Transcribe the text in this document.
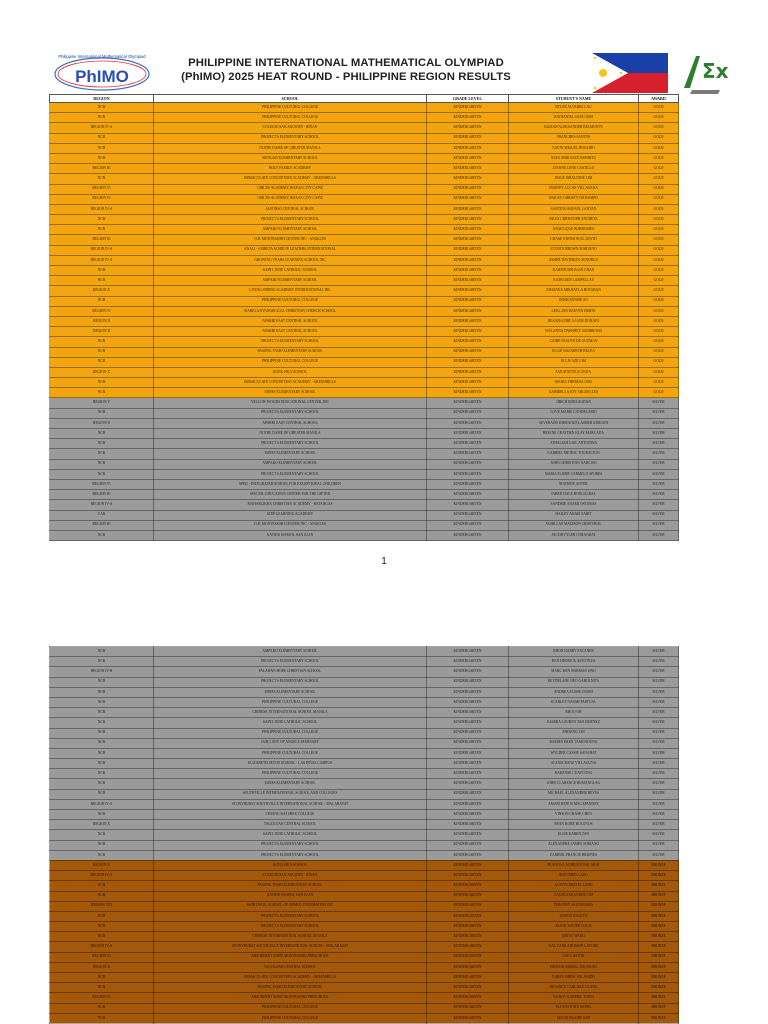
Philippine International Mathematical Olympiad
PhIMO
PHILIPPINE INTERNATIONAL MATHEMATICAL OLYMPIAD
(PhIMO) 2025 HEAT ROUND - PHILIPPINE REGION RESULTS	Σx
REGION	SCHOOL	GRADE LEVEL	STUDENT'S NAME	AWARD
NCR	PHILIPPINE CULTURAL COLLEGE	KINDERGARTEN	RYLEE ALVAREZ LAU	GOLD
NCR	PHILIPPINE CULTURAL COLLEGE	KINDERGARTEN	NATHANIEL SUZE CHUI	GOLD
REGION IV-A	COLEGIO SAN AGUSTIN - BIÑAN	KINDERGARTEN	KEZIAH ALEKSANDER BELMONTE	GOLD
NCR	PROJECT 6 ELEMENTARY SCHOOL	KINDERGARTEN	FRANCHES SANTOS	GOLD
NCR	NOTRE DAME OF GREATER MANILA	KINDERGARTEN	XAVIN MIGUEL ROSARIO	GOLD
NCR	BUNGAD ELEMENTARY SCHOOL	KINDERGARTEN	XIAN ADRIANCE ESPIRITU	GOLD
REGION III	HOLY FAMILY ACADEMY	KINDERGARTEN	ZIANNE LENE CASTILLO	GOLD
NCR	IMMACULATE CONCEPTION ACADEMY - GREENHILLS	KINDERGARTEN	PAIGE ISBALDINE LIM	GOLD
REGION VI	CHILDS ACADEMY, ROXAS CITY CAPIZ	KINDERGARTEN	HARVEY LUCAS VILLASANA	GOLD
REGION VI	CHILDS ACADEMY, ROXAS CITY CAPIZ	KINDERGARTEN	HAILEY CHRISTY DIOSAMPO	GOLD
REGION IV-A	ALFONSO CENTRAL SCHOOL	KINDERGARTEN	SANTINO RAFAEL LANTAN	GOLD
NCR	PROJECT 6 ELEMENTARY SCHOOL	KINDERGARTEN	NILES CHRISTOPH ANCHETA	GOLD
NCR	AMPARO ELEMENTARY SCHOOL	KINDERGARTEN	ANGELIQUE BORROMEO	GOLD
REGION III	O.B. MONTESSORI CENTER INC - ANGELES	KINDERGARTEN	CHASE JOHNSON EL DAVID	GOLD
REGION IV-A	ANALI - AMBETA ACHIEVE LEADERS INTERNATIONAL	KINDERGARTEN	STEVEN BROWN MARIANO	GOLD
REGION IV-A	GROWING YEARS LEARNING SCHOOL INC	KINDERGARTEN	ASHER DAVIDSON GENORGA	GOLD
NCR	SAINT JUDE CATHOLIC SCHOOL	KINDERGARTEN	KAIDEN ISH JUAN CHAN	GOLD
NCR	AMPARO ELEMENTARY SCHOOL	KINDERGARTEN	KATELEEN LAMPELLAS	GOLD
REGION X	LIVING SPRING ACADEMY INTERNATIONAL INC	KINDERGARTEN	JOHANNA MIKHAYLA BOTABAN	GOLD
NCR	PHILIPPINE CULTURAL COLLEGE	KINDERGARTEN	IRISH EUNISE SO	GOLD
REGION VI	ISABELA EVANGELICAL CHRISTIAN CHURCH SCHOOL	KINDERGARTEN	LEILLIAN RAEVEN BERTA	GOLD
REGION II	APARRI EAST CENTRAL SCHOOL	KINDERGARTEN	REANNA ERICA JADE DONATO	GOLD
REGION II	APARRI EAST CENTRAL SCHOOL	KINDERGARTEN	VIELANNA DAPHNEY SAMBRANO	GOLD
NCR	PROJECT 6 ELEMENTARY SCHOOL	KINDERGARTEN	CAIRE PAULYN DE GUZMAN	GOLD
NCR	PASONG TAMO ELEMENTARY SCHOOL	KINDERGARTEN	ELLIE NAZARETH RELEA	GOLD
NCR	PHILIPPINE CULTURAL COLLEGE	KINDERGARTEN	ELLIS AZE LIM	GOLD
REGION X	KONG HUA SCHOOL	KINDERGARTEN	IAN MATTEUS CHUA	GOLD
NCR	IMMACULATE CONCEPTION ACADEMY - GREENHILLS	KINDERGARTEN	MARIA THERESA ONG	GOLD
NCR	MINES ELEMENTARY SCHOOL	KINDERGARTEN	GABRIELLA JOY ARGUELLES	GOLD
REGION V	YELLOW WOODS EDUCATIONAL CENTER, INC	KINDERGARTEN	JIRICH BORLAGDAN	SILVER
NCR	PROJECT 6 ELEMENTARY SCHOOL	KINDERGARTEN	LOVE MARIE CANDELARIO	SILVER
REGION II	APARRI EAST CENTRAL SCHOOL	KINDERGARTEN	SEVERAÑO EMMANUEL ASHER ADRIANI	SILVER
NCR	NOTRE DAME OF GREATER MANILA	KINDERGARTEN	BRIANE CRAYDEN KLAY MARCADA	SILVER
NCR	PROJECT 6 ELEMENTARY SCHOOL	KINDERGARTEN	ATHALIAH GAIL ANTONINA	SILVER
NCR	MINES ELEMENTARY SCHOOL	KINDERGARTEN	GABRIEL METRIC TOURALTON	SILVER
NCR	AMPARO ELEMENTARY SCHOOL	KINDERGARTEN	JOHN CHRISTIAN NARCISO	SILVER
NCR	PROJECT 6 ELEMENTARY SCHOOL	KINDERGARTEN	MARIA ELISHE CARMELO SPORES	SILVER
REGION VI	SPED - INTEGRATED SCHOOL FOR EXCEPTIONAL CHILDREN	KINDERGARTEN	MATHEW ANTER	SILVER
REGION III	SPECIAL EDUCATION CENTER FOR THE GIFTED	KINDERGARTEN	JARED DALE BONGALBAL	SILVER
REGION IV-A	MAHARLIKHA CHRISTIAN ACADEMY - BATANGAS	KINDERGARTEN	SANDRIE ANAMI OSTURAS	SILVER
CAR	STEP LEARNING ACADEMY	KINDERGARTEN	HAILEY ANAIS SABIT	SILVER
REGION III	O.B. MONTESSORI CENTER INC - ANGELES	KINDERGARTEN	ACHILLAS MADISON CRISTOBAL	SILVER
NCR	XAVIER SCHOOL SAN JUAN	KINDERGARTEN	JACOB TYLER CORAGBAT	SILVER
1
NCR	AMPARO ELEMENTARY SCHOOL	KINDERGARTEN	RHON HARRY ESCANER	SILVER
NCR	PROJECT 6 ELEMENTARY SCHOOL	KINDERGARTEN	RAN HEDRICK ASTOTEZA	SILVER
REGION IV-B	PALAWAN HOPE CHRISTIAN SCHOOL	KINDERGARTEN	MARC KEN NORMAN ONG	SILVER
NCR	PROJECT 6 ELEMENTARY SCHOOL	KINDERGARTEN	REYDELANE NEO GAROLNITA	SILVER
NCR	MINES ELEMENTARY SCHOOL	KINDERGARTEN	ANDREA ELISSE DOMO	SILVER
NCR	PHILIPPINE CULTURAL COLLEGE	KINDERGARTEN	SCARLET NAOMI PASTUAL	SILVER
NCR	CHINESE INTERNATIONAL SCHOOL MANILA	KINDERGARTEN	RHOO OH	SILVER
NCR	SAINT JUDE CATHOLIC SCHOOL	KINDERGARTEN	KIARRA LAUREN TAN JIMENEZ	SILVER
NCR	PHILIPPINE CULTURAL COLLEGE	KINDERGARTEN	ZHISENG LIN	SILVER
NCR	OUR LADY OF ANGELS SEMINARY	KINDERGARTEN	RAEDIN EREN TAMONDONG	SILVER
NCR	PHILIPPINE CULTURAL COLLEGE	KINDERGARTEN	WYLDEE CASSIE SANAHAT	SILVER
NCR	ELIZABETH SETON SCHOOL - LAS PIÑAS CAMPUS	KINDERGARTEN	ALEXIS RANZ VILLAGUNA	SILVER
NCR	PHILIPPINE CULTURAL COLLEGE	KINDERGARTEN	RAKENSE CUAYCONG	SILVER
NCR	MINES ELEMENTARY SCHOOL	KINDERGARTEN	JOHN CLARENCE BUMANGLAG	SILVER
NCR	SOUTHVILLE INTERNATIONAL SCHOOL AND COLLEGES	KINDERGARTEN	MICHAEL ALEXANDER REYES	SILVER
REGION IV-A	STONYHURST SOUTHVILLE INTERNATIONAL SCHOOL - MALARAYAT	KINDERGARTEN	AMARI RENOS MACAPANDAY	SILVER
NCR	CHIANG KAI SHEK COLLEGE	KINDERGARTEN	VINSON CHASE CHEN	SILVER
REGION X	TAGOLOAN CENTRAL SCHOOL	KINDERGARTEN	RYAN KOBE BOLONOS	SILVER
NCR	SAINT JUDE CATHOLIC SCHOOL	KINDERGARTEN	ELISE KAREN TAN	SILVER
NCR	PROJECT 6 ELEMENTARY SCHOOL	KINDERGARTEN	ALEXANDRE JAMES SORIANO	SILVER
NCR	PROJECT 6 ELEMENTARY SCHOOL	KINDERGARTEN	ZARIEBL FRANCIS BRIONES	SILVER
REGION X	KONG HUA SCHOOL	KINDERGARTEN	FRANCIS LAURENCE BALABAT	BRONZE
REGION IV-A	COLEGIO SAN AGUSTIN - BIÑAN	KINDERGARTEN	MATTHEW LAZO	BRONZE
NCR	PASONG TAMO ELEMENTARY SCHOOL	KINDERGARTEN	AUSTIN DREI EL LIRIO	BRONZE
NCR	XAVIER SCHOOL SAN JUAN	KINDERGARTEN	CALEB ZEKANDER LIM	BRONZE
REGION VIII	SAINT PAUL SCHOOL OF ORMOC FOUNDATION INC	KINDERGARTEN	TIMOTHY SALVARAMA	BRONZE
NCR	PROJECT 6 ELEMENTARY SCHOOL	KINDERGARTEN	ZONGO ESGUZO	BRONZE
NCR	PROJECT 6 ELEMENTARY SCHOOL	KINDERGARTEN	KLEIN XAVIER COLIS	BRONZE
NCR	CHINESE INTERNATIONAL SCHOOL MANILA	KINDERGARTEN	QINYU WANG	BRONZE
REGION IV-A	STONYHURST SOUTHVILLE INTERNATIONAL SCHOOL - MALARAYAT	KINDERGARTEN	GAL ZANE ADDISON LAYORE	BRONZE
REGION VI	ABSORBENT MIND MONTESSORI PRESCHOOL	KINDERGARTEN	ZOE CASTOR	BRONZE
REGION X	TAGOLOAN CENTRAL SCHOOL	KINDERGARTEN	DESTOR AMIGEL BACOLOD	BRONZE
NCR	IMMACULATE CONCEPTION ACADEMY - GREENHILLS	KINDERGARTEN	DAREN DREW SOLANIDO	BRONZE
NCR	PASONG TAMO ELEMENTARY SCHOOL	KINDERGARTEN	DEASNCE CARLISLE ULANG	BRONZE
REGION VI	ABSORBENT MIND MONTESSORI PRESCHOOL	KINDERGARTEN	MARCO GABRIEL TUPAS	BRONZE
NCR	PHILIPPINE CULTURAL COLLEGE	KINDERGARTEN	ELIANA KATE ISONG	BRONZE
NCR	PHILIPPINE CULTURAL COLLEGE	KINDERGARTEN	MACIE BLAIRE KEE	BRONZE
